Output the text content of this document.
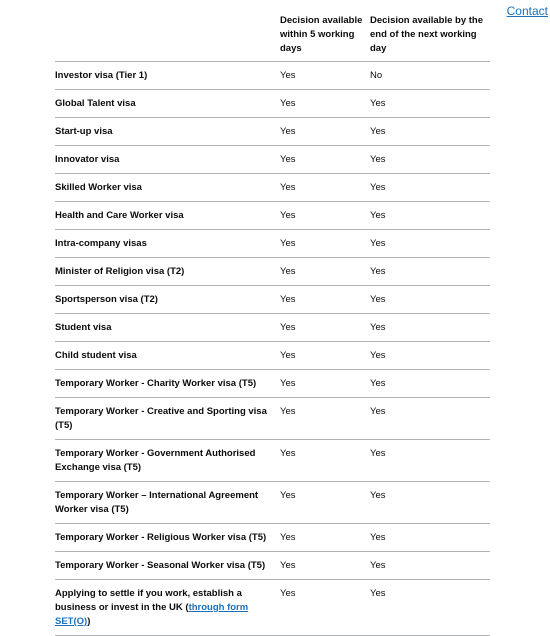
Contact
	Decision available within 5 working days	Decision available by the end of the next working day
Investor visa (Tier 1)	Yes	No
Global Talent visa	Yes	Yes
Start-up visa	Yes	Yes
Innovator visa	Yes	Yes
Skilled Worker visa	Yes	Yes
Health and Care Worker visa	Yes	Yes
Intra-company visas	Yes	Yes
Minister of Religion visa (T2)	Yes	Yes
Sportsperson visa (T2)	Yes	Yes
Student visa	Yes	Yes
Child student visa	Yes	Yes
Temporary Worker - Charity Worker visa (T5)	Yes	Yes
Temporary Worker - Creative and Sporting visa (T5)	Yes	Yes
Temporary Worker - Government Authorised Exchange visa (T5)	Yes	Yes
Temporary Worker – International Agreement Worker visa (T5)	Yes	Yes
Temporary Worker - Religious Worker visa (T5)	Yes	Yes
Temporary Worker - Seasonal Worker visa (T5)	Yes	Yes
Applying to settle if you work, establish a business or invest in the UK (through form SET(O))	Yes	Yes
